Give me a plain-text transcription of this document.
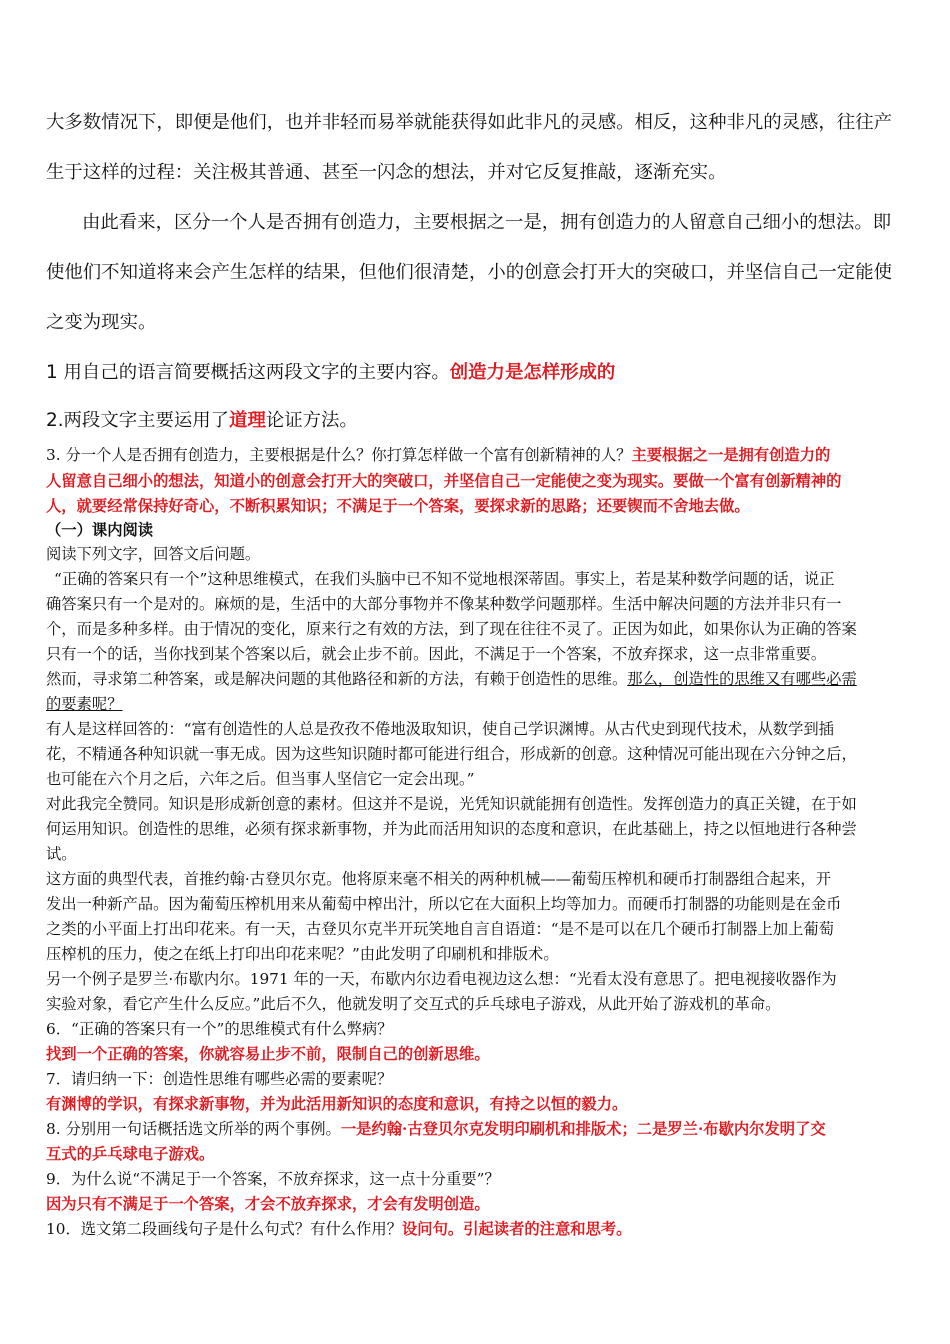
大多数情况下，即便是他们，也并非轻而易举就能获得如此非凡的灵感。相反，这种非凡的灵感，往往产
生于这样的过程：关注极其普通、甚至一闪念的想法，并对它反复推敲，逐渐充实。
由此看来，区分一个人是否拥有创造力，主要根据之一是，拥有创造力的人留意自己细小的想法。即
使他们不知道将来会产生怎样的结果，但他们很清楚，小的创意会打开大的突破口，并坚信自己一定能使
之变为现实。
1 用自己的语言简要概括这两段文字的主要内容。创造力是怎样形成的
2.两段文字主要运用了道理论证方法。
3. 分一个人是否拥有创造力，主要根据是什么？你打算怎样做一个富有创新精神的人？主要根据之一是拥有创造力的
人留意自己细小的想法，知道小的创意会打开大的突破口，并坚信自己一定能使之变为现实。要做一个富有创新精神的
人，就要经常保持好奇心，不断积累知识；不满足于一个答案，要探求新的思路；还要锲而不舍地去做。
（一）课内阅读
阅读下列文字，回答文后问题。
“正确的答案只有一个”这种思维模式，在我们头脑中已不知不觉地根深蒂固。事实上，若是某种数学问题的话，说正
确答案只有一个是对的。麻烦的是，生活中的大部分事物并不像某种数学问题那样。生活中解决问题的方法并非只有一
个，而是多种多样。由于情况的变化，原来行之有效的方法，到了现在往往不灵了。正因为如此，如果你认为正确的答案
只有一个的话，当你找到某个答案以后，就会止步不前。因此，不满足于一个答案，不放弃探求，这一点非常重要。
然而，寻求第二种答案，或是解决问题的其他路径和新的方法，有赖于创造性的思维。那么，创造性的思维又有哪些必需
的要素呢？
有人是这样回答的：“富有创造性的人总是孜孜不倦地汲取知识，使自己学识渊博。从古代史到现代技术，从数学到插
花，不精通各种知识就一事无成。因为这些知识随时都可能进行组合，形成新的创意。这种情况可能出现在六分钟之后，
也可能在六个月之后，六年之后。但当事人坚信它一定会出现。”
对此我完全赞同。知识是形成新创意的素材。但这并不是说，光凭知识就能拥有创造性。发挥创造力的真正关键，在于如
何运用知识。创造性的思维，必须有探求新事物，并为此而活用知识的态度和意识，在此基础上，持之以恒地进行各种尝
试。
这方面的典型代表，首推约翰·古登贝尔克。他将原来毫不相关的两种机械——葡萄压榨机和硬币打制器组合起来，开
发出一种新产品。因为葡萄压榨机用来从葡萄中榨出汁，所以它在大面积上均等加力。而硬币打制器的功能则是在金币
之类的小平面上打出印花来。有一天，古登贝尔克半开玩笑地自言自语道：“是不是可以在几个硬币打制器上加上葡萄
压榨机的压力，使之在纸上打印出印花来呢？”由此发明了印刷机和排版术。
另一个例子是罗兰·布歇内尔。1971 年的一天，布歇内尔边看电视边这么想：“光看太没有意思了。把电视接收器作为
实验对象，看它产生什么反应。”此后不久，他就发明了交互式的乒乓球电子游戏，从此开始了游戏机的革命。
6．“正确的答案只有一个”的思维模式有什么弊病？
找到一个正确的答案，你就容易止步不前，限制自己的创新思维。
7．请归纳一下：创造性思维有哪些必需的要素呢？
有渊博的学识，有探求新事物，并为此活用新知识的态度和意识，有持之以恒的毅力。
8. 分别用一句话概括选文所举的两个事例。一是约翰·古登贝尔克发明印刷机和排版术；二是罗兰·布歇内尔发明了交
互式的乒乓球电子游戏。
9．为什么说“不满足于一个答案，不放弃探求，这一点十分重要”？
因为只有不满足于一个答案，才会不放弃探求，才会有发明创造。
10．选文第二段画线句子是什么句式？有什么作用？设问句。引起读者的注意和思考。
